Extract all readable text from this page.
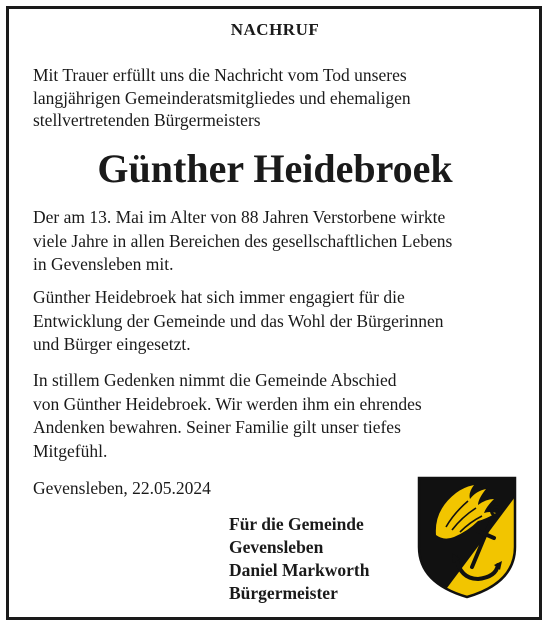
NACHRUF
Mit Trauer erfüllt uns die Nachricht vom Tod unseres
langjährigen Gemeinderatsmitgliedes und ehemaligen
stellvertretenden Bürgermeisters
Günther Heidebroek
Der am 13. Mai im Alter von 88 Jahren Verstorbene wirkte
viele Jahre in allen Bereichen des gesellschaftlichen Lebens
in Gevensleben mit.
Günther Heidebroek hat sich immer engagiert für die
Entwicklung der Gemeinde und das Wohl der Bürgerinnen
und Bürger eingesetzt.
In stillem Gedenken nimmt die Gemeinde Abschied
von Günther Heidebroek. Wir werden ihm ein ehrendes
Andenken bewahren. Seiner Familie gilt unser tiefes
Mitgefühl.
Gevensleben, 22.05.2024
Für die Gemeinde
Gevensleben
Daniel Markworth
Bürgermeister
